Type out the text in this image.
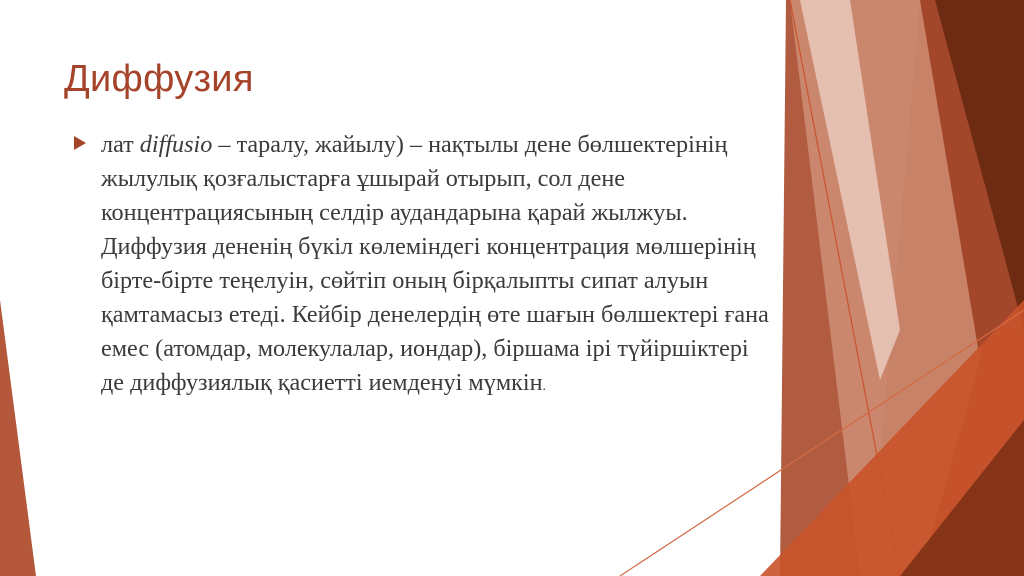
Диффузия

лат diffusio – таралу, жайылу) – нақтылы дене бөлшектерінің жылулық қозғалыстарға ұшырай отырып, сол дене концентрациясының селдір аудандарына қарай жылжуы. Диффузия дененің бүкіл көлеміндегі концентрация мөлшерінің бірте-бірте теңелуін, сөйтіп оның бірқалыпты сипат алуын қамтамасыз етеді. Кейбір денелердің өте шағын бөлшектері ғана емес (атомдар, молекулалар, иондар), біршама ірі түйіршіктері де диффузиялық қасиетті иемденуі мүмкін.
